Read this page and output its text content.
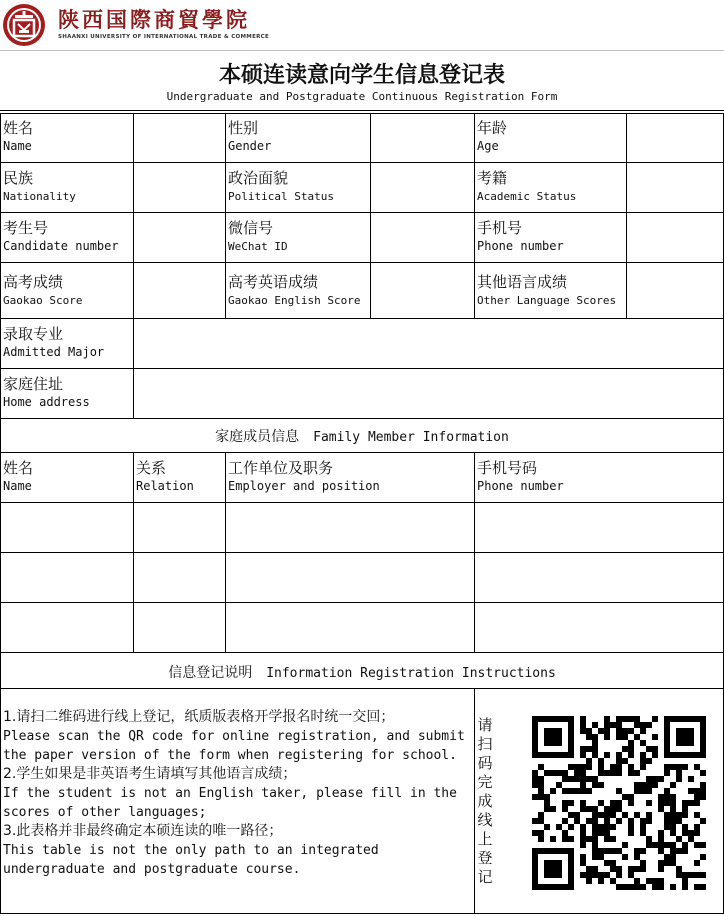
陕西国際商貿學院
SHAANXI UNIVERSITY OF INTERNATIONAL TRADE & COMMERCE
本硕连读意向学生信息登记表
Undergraduate and Postgraduate Continuous Registration Form
姓名
Name
性别
Gender
年龄
Age
民族
Nationality
政治面貌
Political Status
考籍
Academic Status
考生号
Candidate number
微信号
WeChat ID
手机号
Phone number
高考成绩
Gaokao Score
高考英语成绩
Gaokao English Score
其他语言成绩
Other Language Scores
录取专业
Admitted Major
家庭住址
Home address
家庭成员信息 Family Member Information
姓名
Name
关系
Relation
工作单位及职务
Employer and position
手机号码
Phone number
信息登记说明 Information Registration Instructions

1.请扫二维码进行线上登记，纸质版表格开学报名时统一交回；

Please scan the QR code for online registration, and submit the paper version of the form when registering for school.

2.学生如果是非英语考生请填写其他语言成绩；

If the student is not an English taker, please fill in the scores of other languages;

3.此表格并非最终确定本硕连读的唯一路径；

This table is not the only path to an integrated undergraduate and postgraduate course.

请
扫
码
完
成
线
上
登
记
